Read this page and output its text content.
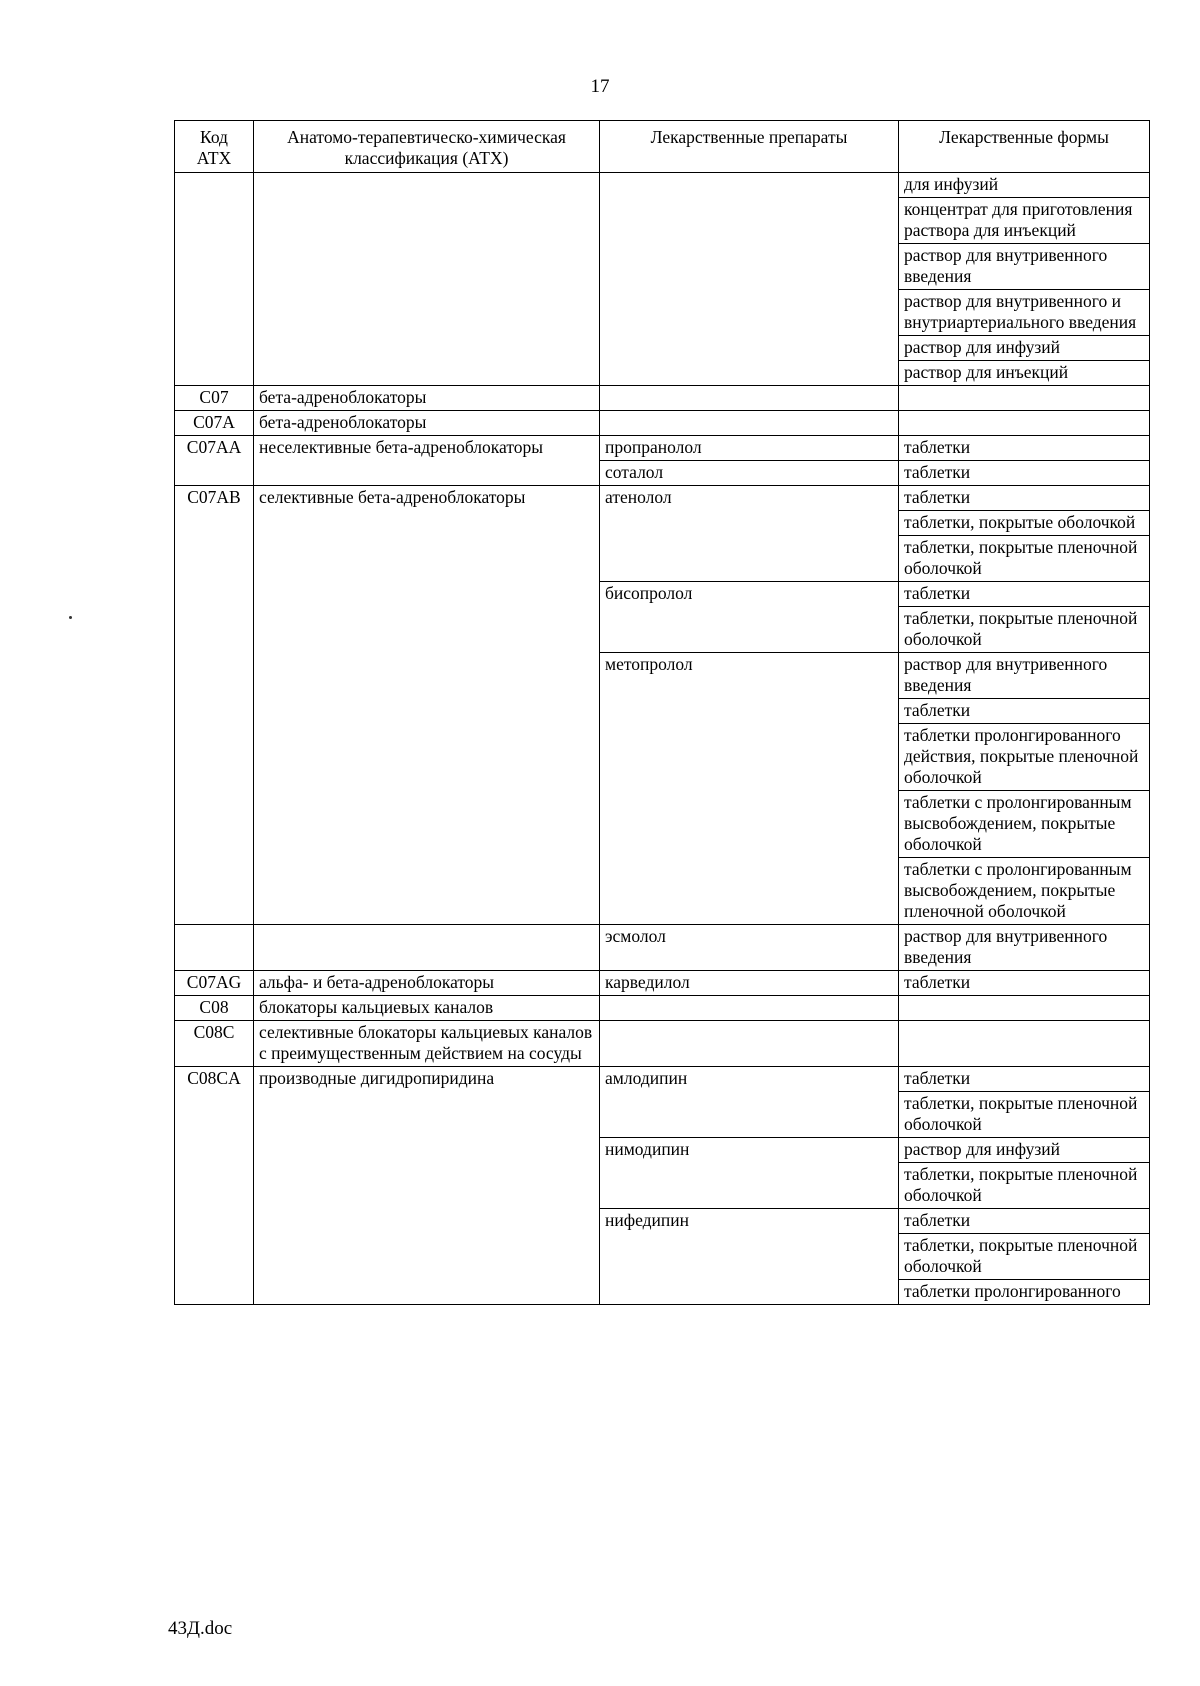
17
Код
АТХ	Анатомо-терапевтическо-химическая классификация (АТХ)	Лекарственные препараты	Лекарственные формы
			для инфузий
			концентрат для приготовления раствора для инъекций
			раствор для внутривенного введения
			раствор для внутривенного и внутриартериального введения
			раствор для инфузий
			раствор для инъекций
C07	бета-адреноблокаторы		
C07A	бета-адреноблокаторы		
C07AA	неселективные бета-адреноблокаторы	пропранолол	таблетки
		соталол	таблетки
C07AB	селективные бета-адреноблокаторы	атенолол	таблетки
			таблетки, покрытые оболочкой
			таблетки, покрытые пленочной оболочкой
		бисопролол	таблетки
			таблетки, покрытые пленочной оболочкой
		метопролол	раствор для внутривенного введения
			таблетки
			таблетки пролонгированного действия, покрытые пленочной оболочкой
			таблетки с пролонгированным высвобождением, покрытые оболочкой
			таблетки с пролонгированным высвобождением, покрытые пленочной оболочкой
		эсмолол	раствор для внутривенного введения
C07AG	альфа- и бета-адреноблокаторы	карведилол	таблетки
C08	блокаторы кальциевых каналов		
C08C	селективные блокаторы кальциевых каналов с преимущественным действием на сосуды		
C08CA	производные дигидропиридина	амлодипин	таблетки
			таблетки, покрытые пленочной оболочкой
		нимодипин	раствор для инфузий
			таблетки, покрытые пленочной оболочкой
		нифедипин	таблетки
			таблетки, покрытые пленочной оболочкой
			таблетки пролонгированного
43Д.doc
